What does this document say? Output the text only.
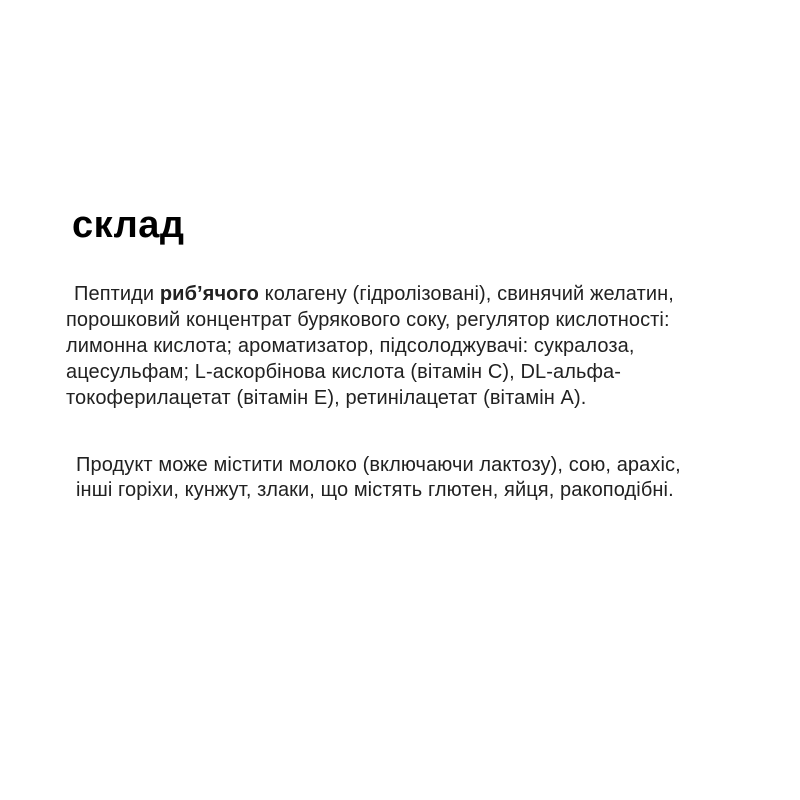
склад

Пептиди риб’ячого колагену (гідролізовані), свинячий желатин,
порошковий концентрат бурякового соку, регулятор кислотності:
лимонна кислота; ароматизатор, підсолоджувачі: сукралоза,
ацесульфам; L-аскорбінова кислота (вітамін C), DL-альфа-
токоферилацетат (вітамін E), ретинілацетат (вітамін A).

Продукт може містити молоко (включаючи лактозу), сою, арахіс,
інші горіхи, кунжут, злаки, що містять глютен, яйця, ракоподібні.
